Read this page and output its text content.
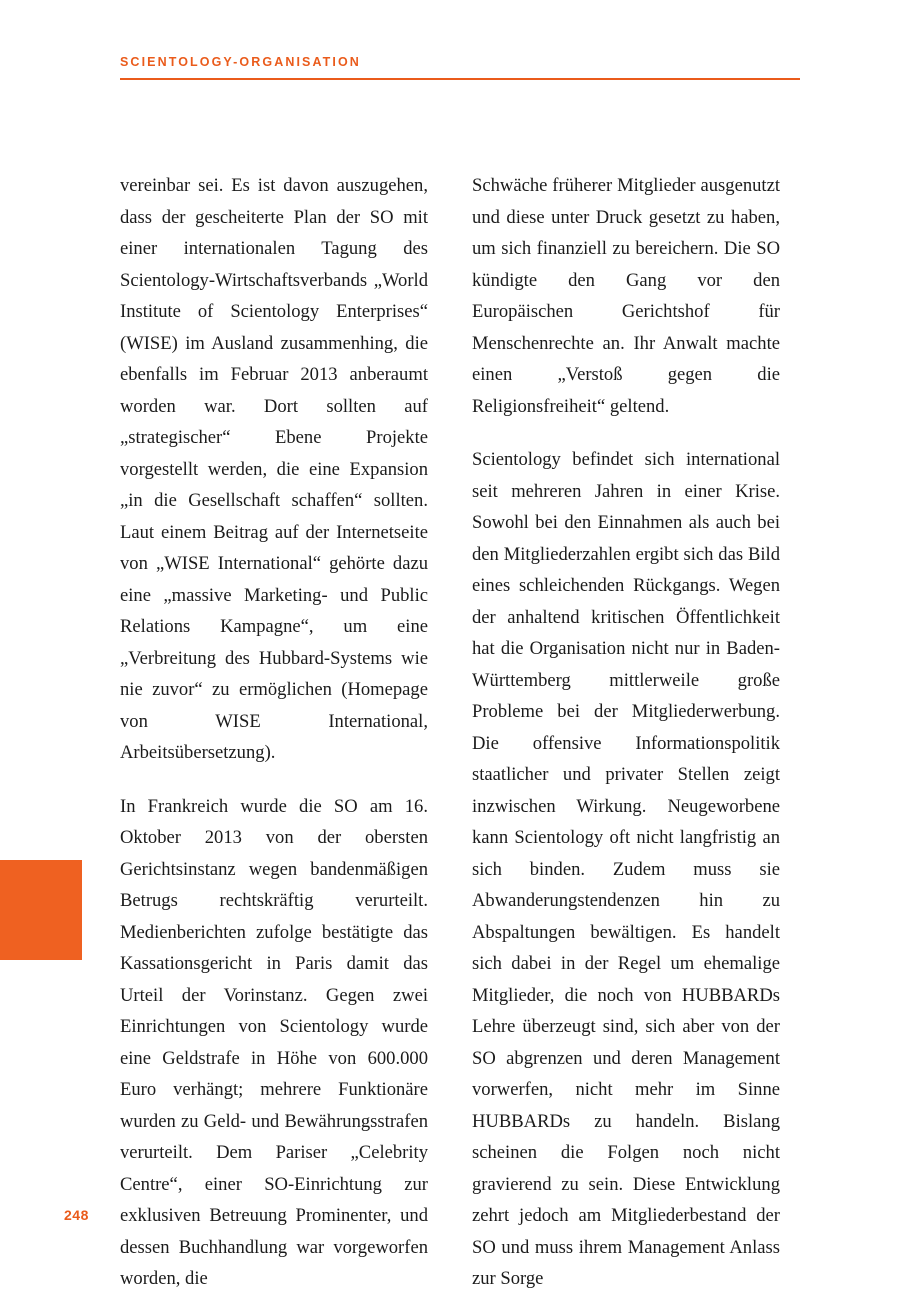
SCIENTOLOGY-ORGANISATION

vereinbar sei. Es ist davon auszugehen, dass der gescheiterte Plan der SO mit einer internationalen Tagung des Scientology-Wirtschaftsverbands „World Institute of Scientology Enterprises“ (WISE) im Ausland zusammenhing, die ebenfalls im Februar 2013 anberaumt worden war. Dort sollten auf „strategischer“ Ebene Projekte vorgestellt werden, die eine Expansion „in die Gesellschaft schaffen“ sollten. Laut einem Beitrag auf der Internetseite von „WISE International“ gehörte dazu eine „massive Marketing- und Public Relations Kampagne“, um eine „Verbreitung des Hubbard-Systems wie nie zuvor“ zu ermöglichen (Homepage von WISE International, Arbeitsübersetzung).

In Frankreich wurde die SO am 16. Oktober 2013 von der obersten Gerichtsinstanz wegen bandenmäßigen Betrugs rechtskräftig verurteilt. Medienberichten zufolge bestätigte das Kassationsgericht in Paris damit das Urteil der Vorinstanz. Gegen zwei Einrichtungen von Scientology wurde eine Geldstrafe in Höhe von 600.000 Euro verhängt; mehrere Funktionäre wurden zu Geld- und Bewährungsstrafen verurteilt. Dem Pariser „Celebrity Centre“, einer SO-Einrichtung zur exklusiven Betreuung Prominenter, und dessen Buchhandlung war vorgeworfen worden, die

Schwäche früherer Mitglieder ausgenutzt und diese unter Druck gesetzt zu haben, um sich finanziell zu bereichern. Die SO kündigte den Gang vor den Europäischen Gerichtshof für Menschenrechte an. Ihr Anwalt machte einen „Verstoß gegen die Religionsfreiheit“ geltend.

Scientology befindet sich international seit mehreren Jahren in einer Krise. Sowohl bei den Einnahmen als auch bei den Mitgliederzahlen ergibt sich das Bild eines schleichenden Rückgangs. Wegen der anhaltend kritischen Öffentlichkeit hat die Organisation nicht nur in Baden-Württemberg mittlerweile große Probleme bei der Mitgliederwerbung. Die offensive Informationspolitik staatlicher und privater Stellen zeigt inzwischen Wirkung. Neugeworbene kann Scientology oft nicht langfristig an sich binden. Zudem muss sie Abwanderungstendenzen hin zu Abspaltungen bewältigen. Es handelt sich dabei in der Regel um ehemalige Mitglieder, die noch von HUBBARDs Lehre überzeugt sind, sich aber von der SO abgrenzen und deren Management vorwerfen, nicht mehr im Sinne HUBBARDs zu handeln. Bislang scheinen die Folgen noch nicht gravierend zu sein. Diese Entwicklung zehrt jedoch am Mitgliederbestand der SO und muss ihrem Management Anlass zur Sorge

248
